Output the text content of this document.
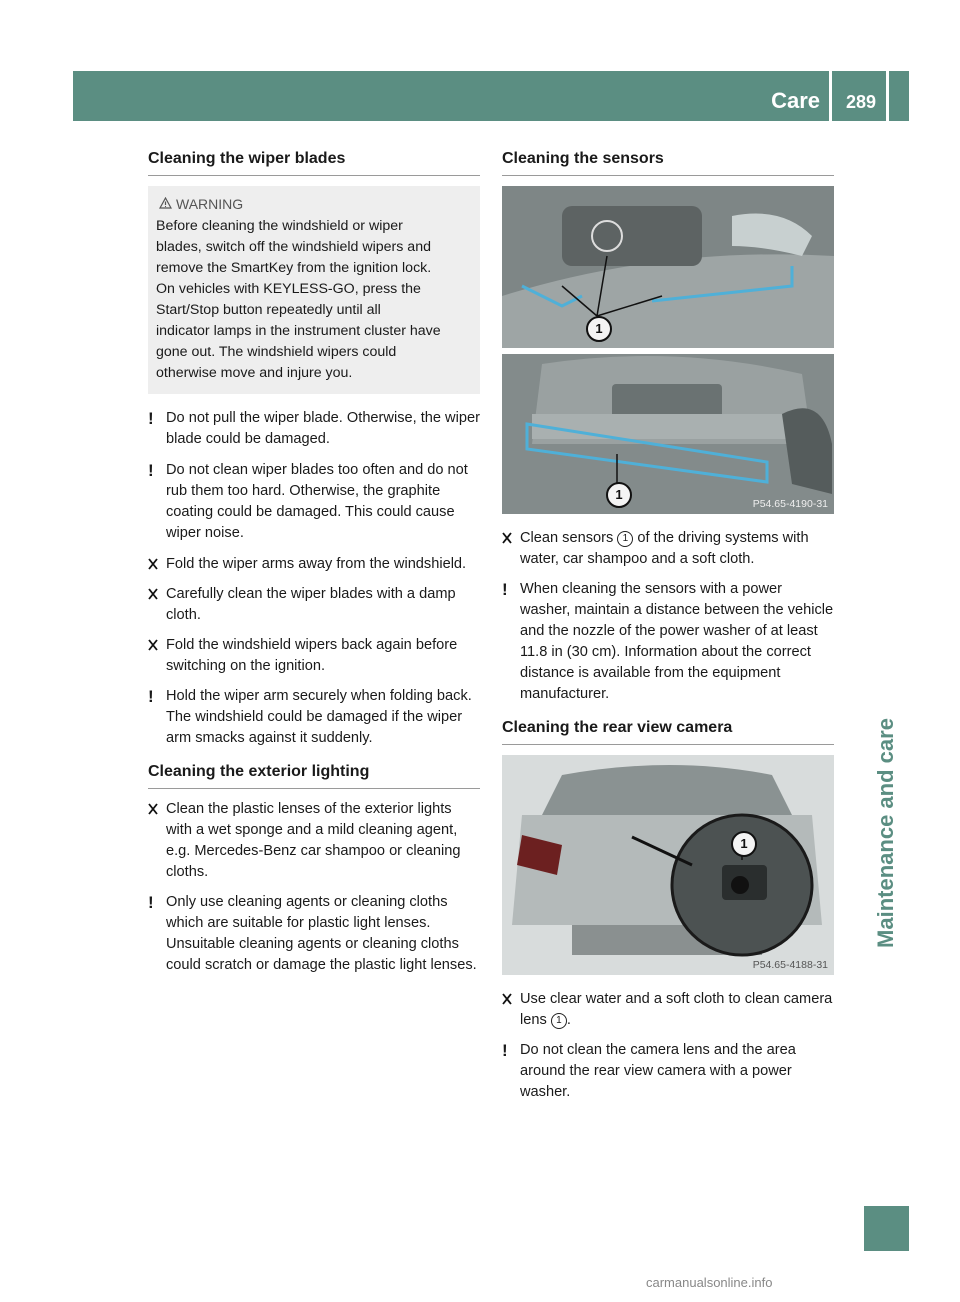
Care	289
Maintenance and care
Cleaning the wiper blades
WARNING

Before cleaning the windshield or wiper

blades, switch off the windshield wipers and

remove the SmartKey from the ignition lock.

On vehicles with KEYLESS-GO, press the

Start/Stop button repeatedly until all

indicator lamps in the instrument cluster have

gone out. The windshield wipers could

otherwise move and injure you.

! Do not pull the wiper blade. Otherwise, the wiper blade could be damaged.

! Do not clean wiper blades too often and do not rub them too hard. Otherwise, the graphite coating could be damaged. This could cause wiper noise.

Fold the wiper arms away from the windshield.

Carefully clean the wiper blades with a damp cloth.

Fold the windshield wipers back again before switching on the ignition.

! Hold the wiper arm securely when folding back. The windshield could be damaged if the wiper arm smacks against it suddenly.

Cleaning the exterior lighting

Clean the plastic lenses of the exterior lights with a wet sponge and a mild cleaning agent, e.g. Mercedes-Benz car shampoo or cleaning cloths.

! Only use cleaning agents or cleaning cloths which are suitable for plastic light lenses. Unsuitable cleaning agents or cleaning cloths could scratch or damage the plastic light lenses.

Cleaning the sensors
1
1
P54.65-4190-31

Clean sensors 1 of the driving systems with water, car shampoo and a soft cloth.

! When cleaning the sensors with a power washer, maintain a distance between the vehicle and the nozzle of the power washer of at least 11.8 in (30 cm). Information about the correct distance is available from the equipment manufacturer.

Cleaning the rear view camera
1
P54.65-4188-31

Use clear water and a soft cloth to clean camera lens 1 .

! Do not clean the camera lens and the area around the rear view camera with a power washer.

carmanualsonline.info
